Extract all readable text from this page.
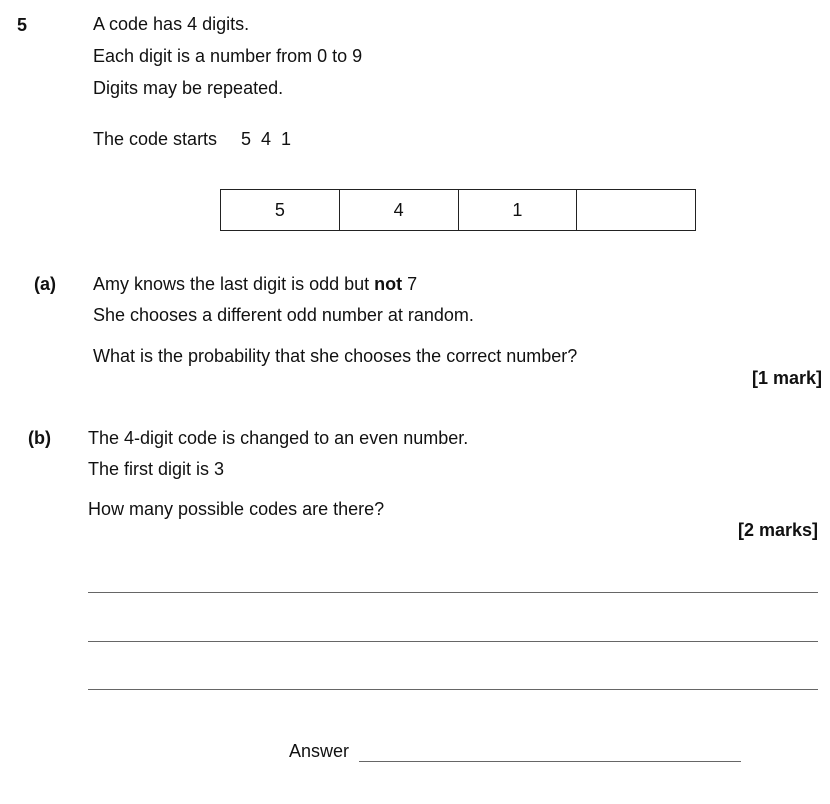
5	A code has 4 digits.
Each digit is a number from 0 to 9
Digits may be repeated.
The code starts 5  4  1
5	4	1
(a) Amy knows the last digit is odd but not 7
She chooses a different odd number at random.
What is the probability that she chooses the correct number?
[1 mark]
(b) The 4-digit code is changed to an even number.
The first digit is 3
How many possible codes are there?
[2 marks]
Answer
